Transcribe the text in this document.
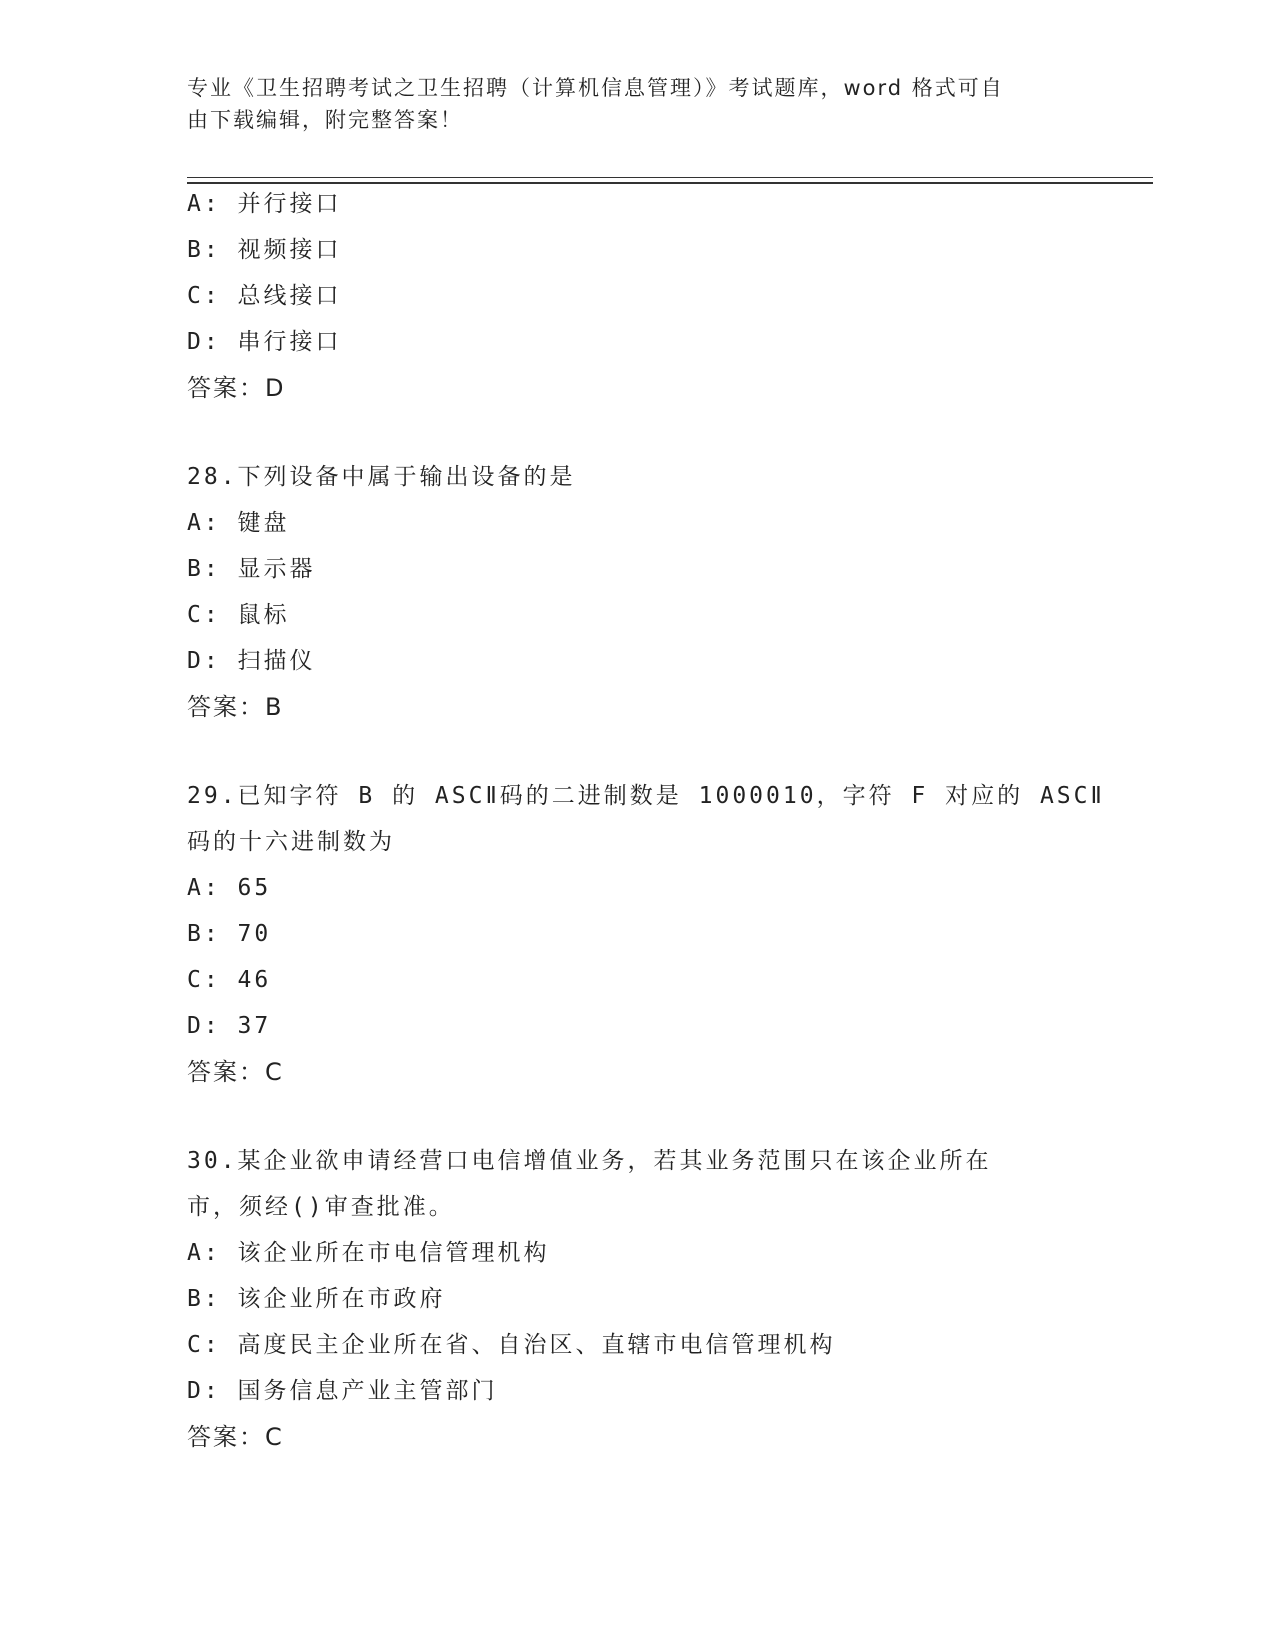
专业《卫生招聘考试之卫生招聘（计算机信息管理）》考试题库，word 格式可自
由下载编辑，附完整答案！
A: 并行接口
B: 视频接口
C: 总线接口
D: 串行接口
答案：D
28.下列设备中属于输出设备的是
A: 键盘
B: 显示器
C: 鼠标
D: 扫描仪
答案：B
29.已知字符 B 的 ASCⅡ码的二进制数是 1000010，字符 F 对应的 ASCⅡ
码的十六进制数为
A: 65
B: 70
C: 46
D: 37
答案：C
30.某企业欲申请经营口电信增值业务，若其业务范围只在该企业所在
市，须经()审查批准。
A: 该企业所在市电信管理机构
B: 该企业所在市政府
C: 高度民主企业所在省、自治区、直辖市电信管理机构
D: 国务信息产业主管部门
答案：C
